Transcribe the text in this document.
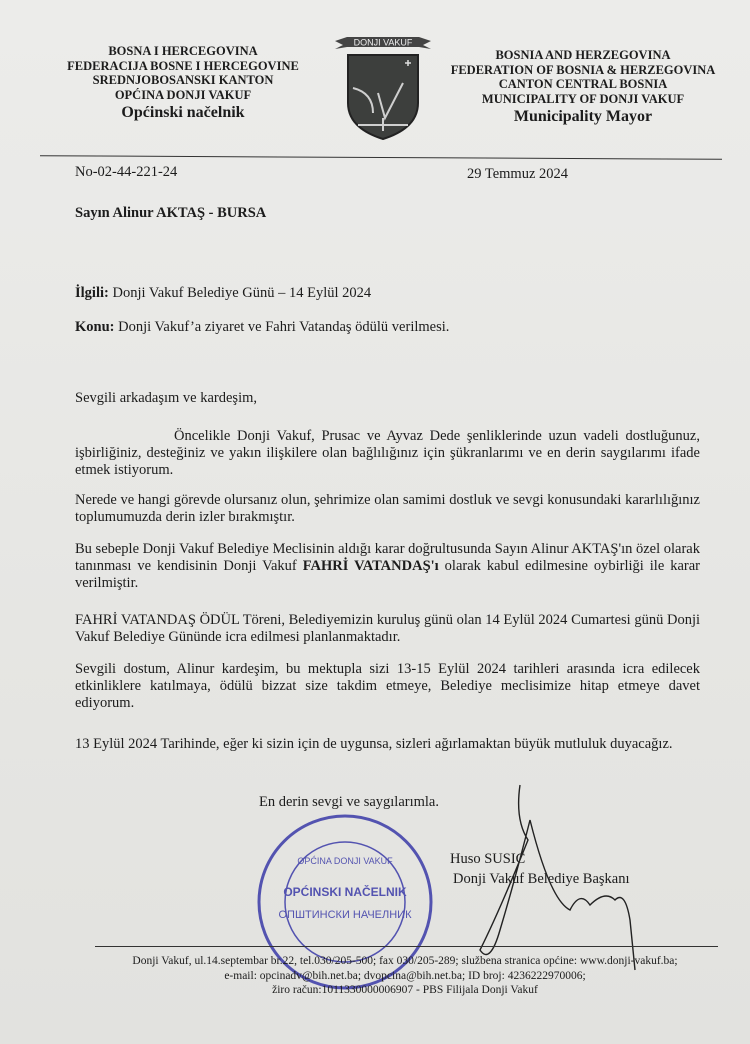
BOSNA I HERCEGOVINA
FEDERACIJA BOSNE I HERCEGOVINE
SREDNJOBOSANSKI KANTON
OPĆINA DONJI VAKUF
Općinski načelnik
DONJI VAKUF
BOSNIA AND HERZEGOVINA
FEDERATION OF BOSNIA & HERZEGOVINA
CANTON CENTRAL BOSNIA
MUNICIPALITY OF DONJI VAKUF
Municipality Mayor
No-02-44-221-24	29 Temmuz 2024
Sayın Alinur AKTAŞ - BURSA
İlgili: Donji Vakuf Belediye Günü – 14 Eylül 2024
Konu: Donji Vakuf’a ziyaret ve Fahri Vatandaş ödülü verilmesi.
Sevgili arkadaşım ve kardeşim,
Öncelikle Donji Vakuf, Prusac ve Ayvaz Dede şenliklerinde uzun vadeli dostluğunuz, işbirliğiniz, desteğiniz ve yakın ilişkilere olan bağlılığınız için şükranlarımı ve en derin saygılarımı ifade etmek istiyorum.
Nerede ve hangi görevde olursanız olun, şehrimize olan samimi dostluk ve sevgi konusundaki kararlılığınız toplumumuzda derin izler bırakmıştır.
Bu sebeple Donji Vakuf Belediye Meclisinin aldığı karar doğrultusunda Sayın Alinur AKTAŞ'ın özel olarak tanınması ve kendisinin Donji Vakuf FAHRİ VATANDAŞ'ı olarak kabul edilmesine oybirliği ile karar verilmiştir.
FAHRİ VATANDAŞ ÖDÜL Töreni, Belediyemizin kuruluş günü olan 14 Eylül 2024 Cumartesi günü Donji Vakuf Belediye Gününde icra edilmesi planlanmaktadır.
Sevgili dostum, Alinur kardeşim, bu mektupla sizi 13-15 Eylül 2024 tarihleri arasında icra edilecek etkinliklere katılmaya, ödülü bizzat size takdim etmeye, Belediye meclisimize hitap etmeye davet ediyorum.
13 Eylül 2024 Tarihinde, eğer ki sizin için de uygunsa, sizleri ağırlamaktan büyük mutluluk duyacağız.
En derin sevgi ve saygılarımla.
OPĆINA DONJI VAKUF
OPĆINSKI NAČELNIK
ОПШТИНСКИ НАЧЕЛНИК
Huso SUSIC
Donji Vakuf Belediye Başkanı
Donji Vakuf, ul.14.septembar br.22, tel.030/205-500; fax 030/205-289; službena stranica općine: www.donji-vakuf.ba;
e-mail: opcinadv@bih.net.ba; dvopcina@bih.net.ba; ID broj: 4236222970006;
žiro račun:1011330000006907 - PBS Filijala Donji Vakuf
